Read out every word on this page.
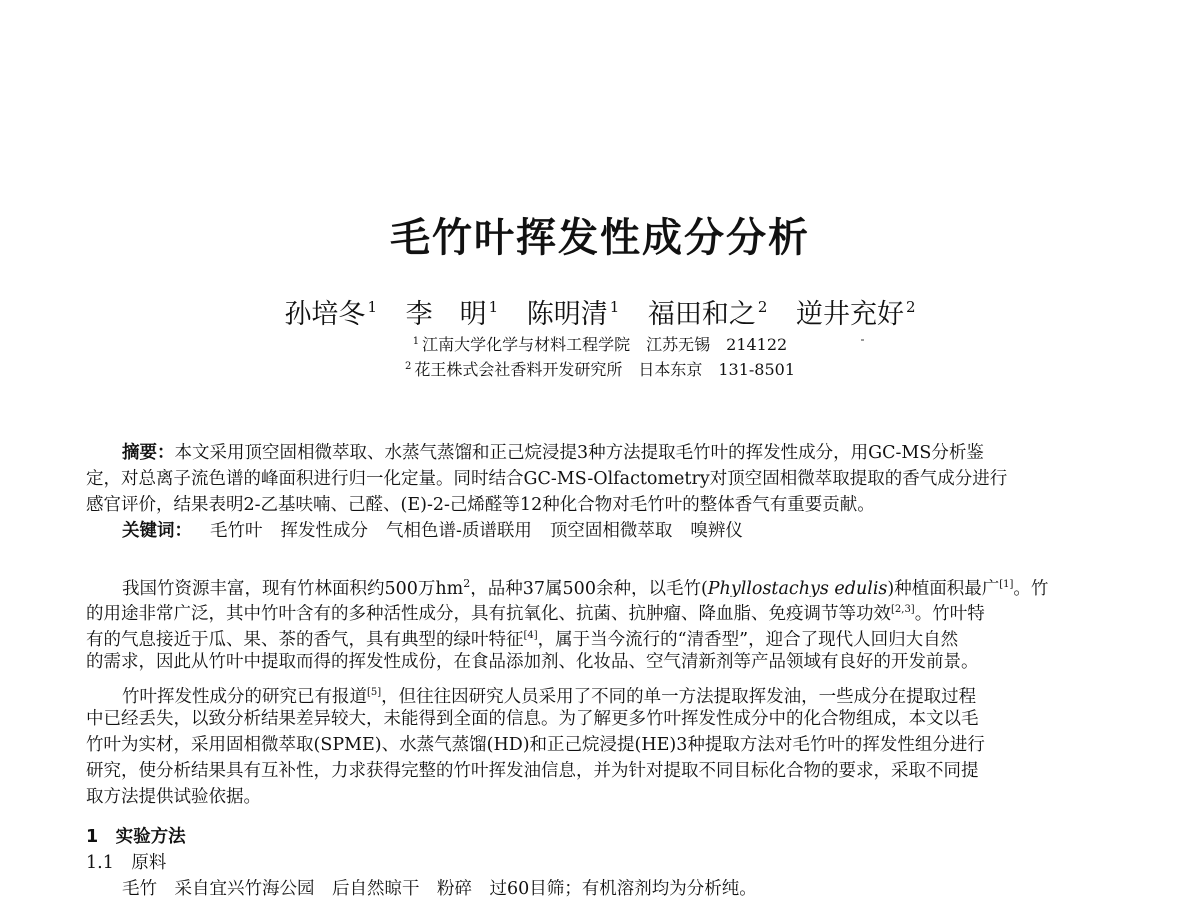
毛竹叶挥发性成分分析
孙培冬 $^1$ 李　明 $^1$ 陈明清 $^1$ 福田和之 $^2$ 逆井充好 $^2$
$^1$ 江南大学化学与材料工程学院　江苏无锡　214122
$^2$ 花王株式会社香料开发研究所　日本东京　131-8501
摘要：本文采用顶空固相微萃取、水蒸气蒸馏和正己烷浸提3种方法提取毛竹叶的挥发性成分，用GC-MS分析鉴
定，对总离子流色谱的峰面积进行归一化定量。同时结合GC-MS-Olfactometry对顶空固相微萃取提取的香气成分进行
感官评价，结果表明2-乙基呋喃、己醛、(E)-2-己烯醛等12种化合物对毛竹叶的整体香气有重要贡献。
关键词： 毛竹叶 挥发性成分 气相色谱-质谱联用 顶空固相微萃取 嗅辨仪
我国竹资源丰富，现有竹林面积约500万$hm^2$，品种37属500余种，以毛竹(Phyllostachys edulis)种植面积最广[1]。竹
的用途非常广泛，其中竹叶含有的多种活性成分，具有抗氧化、抗菌、抗肿瘤、降血脂、免疫调节等功效[2,3]。竹叶特
有的气息接近于瓜、果、茶的香气，具有典型的绿叶特征[4]，属于当今流行的“清香型”，迎合了现代人回归大自然
的需求，因此从竹叶中提取而得的挥发性成份，在食品添加剂、化妆品、空气清新剂等产品领域有良好的开发前景。
竹叶挥发性成分的研究已有报道[5]，但往往因研究人员采用了不同的单一方法提取挥发油，一些成分在提取过程
中已经丢失，以致分析结果差异较大，未能得到全面的信息。为了解更多竹叶挥发性成分中的化合物组成，本文以毛
竹叶为实材，采用固相微萃取(SPME)、水蒸气蒸馏(HD)和正己烷浸提(HE)3种提取方法对毛竹叶的挥发性组分进行
研究，使分析结果具有互补性，力求获得完整的竹叶挥发油信息，并为针对提取不同目标化合物的要求，采取不同提
取方法提供试验依据。
1　实验方法
1.1　原料
毛竹　采自宜兴竹海公园　后自然晾干　粉碎　过60目筛；有机溶剂均为分析纯。
